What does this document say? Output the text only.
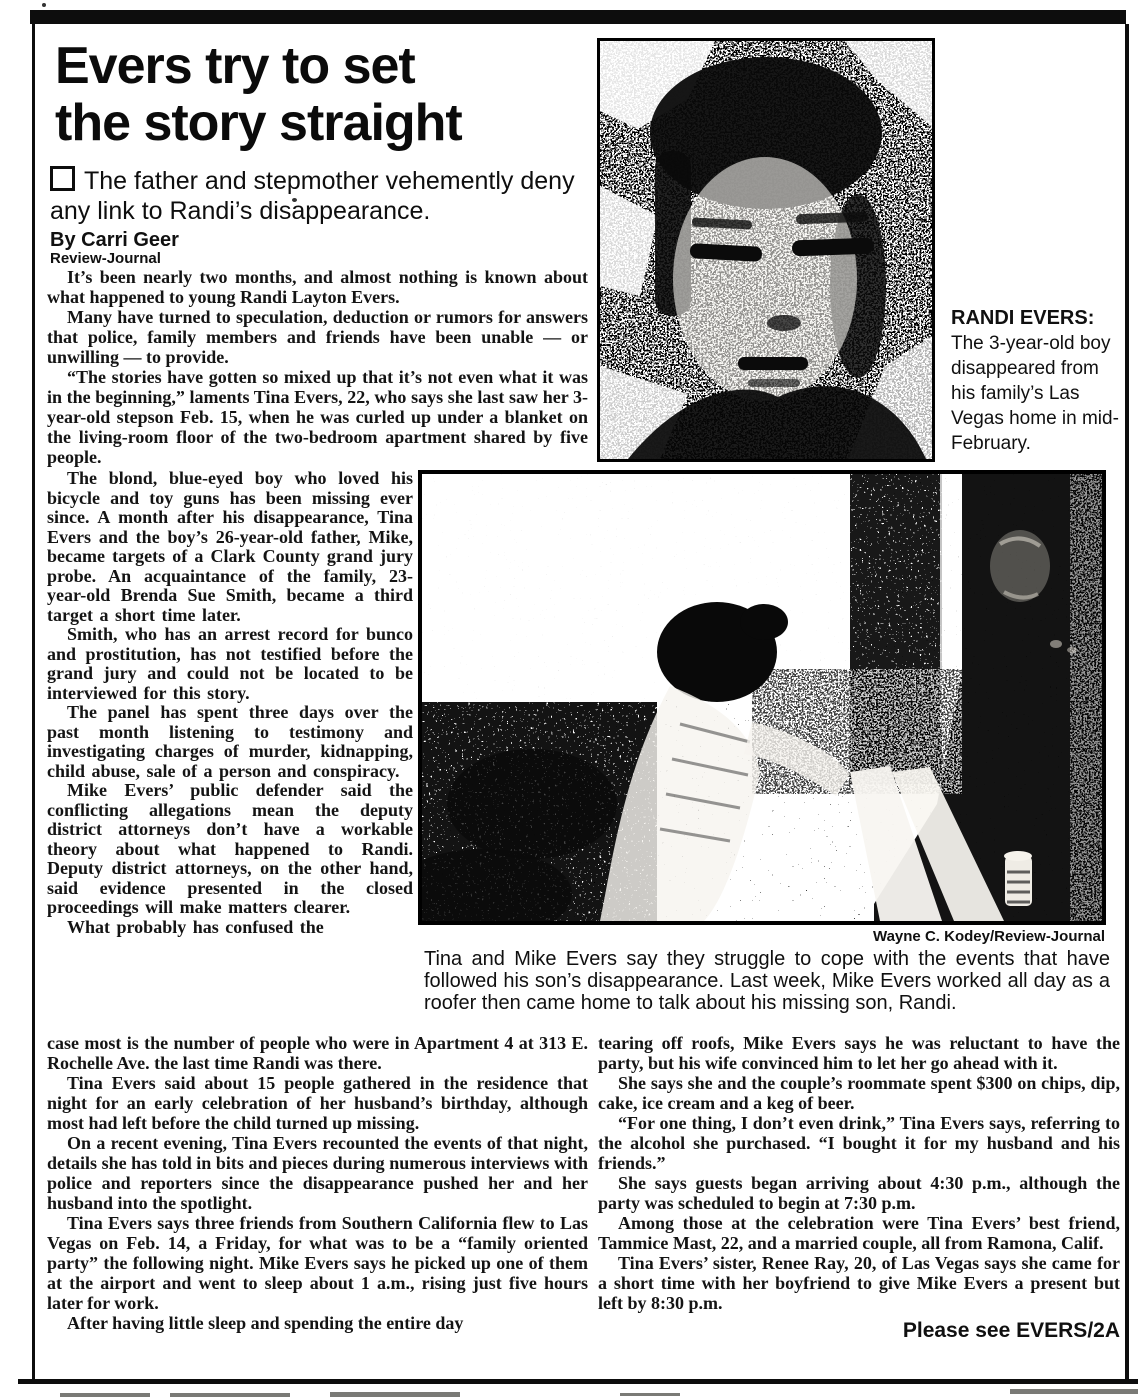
Evers try to set
the story straight
The father and stepmother vehemently deny any link to Randi’s disappearance.
By Carri Geer
Review-Journal

It’s been nearly two months, and almost nothing is known about what happened to young Randi Layton Evers.

Many have turned to speculation, deduction or rumors for answers that police, family members and friends have been unable — or unwilling — to provide.

“The stories have gotten so mixed up that it’s not even what it was in the beginning,” laments Tina Evers, 22, who says she last saw her 3-year-old stepson Feb. 15, when he was curled up under a blanket on the living-room floor of the two-bedroom apartment shared by five people.

The blond, blue-eyed boy who loved his bicycle and toy guns has been missing ever since. A month after his disappearance, Tina Evers and the boy’s 26-year-old father, Mike, became targets of a Clark County grand jury probe. An acquaintance of the family, 23-year-old Brenda Sue Smith, became a third target a short time later.

Smith, who has an arrest record for bunco and prostitution, has not testified before the grand jury and could not be located to be interviewed for this story.

The panel has spent three days over the past month listening to testimony and investigating charges of murder, kidnapping, child abuse, sale of a person and conspiracy.

Mike Evers’ public defender said the conflicting allegations mean the deputy district attorneys don’t have a workable theory about what happened to Randi. Deputy district attorneys, on the other hand, said evidence presented in the closed proceedings will make matters clearer.

What probably has confused the

case most is the number of people who were in Apartment 4 at 313 E. Rochelle Ave. the last time Randi was there.

Tina Evers said about 15 people gathered in the residence that night for an early celebration of her husband’s birthday, although most had left before the child turned up missing.

On a recent evening, Tina Evers recounted the events of that night, details she has told in bits and pieces during numerous interviews with police and reporters since the disappearance pushed her and her husband into the spotlight.

Tina Evers says three friends from Southern California flew to Las Vegas on Feb. 14, a Friday, for what was to be a “family oriented party” the following night. Mike Evers says he picked up one of them at the airport and went to sleep about 1 a.m., rising just five hours later for work.

After having little sleep and spending the entire day

tearing off roofs, Mike Evers says he was reluctant to have the party, but his wife convinced him to let her go ahead with it.

She says she and the couple’s roommate spent $300 on chips, dip, cake, ice cream and a keg of beer.

“For one thing, I don’t even drink,” Tina Evers says, referring to the alcohol she purchased. “I bought it for my husband and his friends.”

She says guests began arriving about 4:30 p.m., although the party was scheduled to begin at 7:30 p.m.

Among those at the celebration were Tina Evers’ best friend, Tammice Mast, 22, and a married couple, all from Ramona, Calif.

Tina Evers’ sister, Renee Ray, 20, of Las Vegas says she came for a short time with her boyfriend to give Mike Evers a present but left by 8:30 p.m.

Please see EVERS/2A
RANDI EVERS:
The 3-year-old boy disappeared from his family’s Las Vegas home in mid-February.
Wayne C. Kodey/Review-Journal
Tina and Mike Evers say they struggle to cope with the events that have followed his son’s disappearance. Last week, Mike Evers worked all day as a roofer then came home to talk about his missing son, Randi.
